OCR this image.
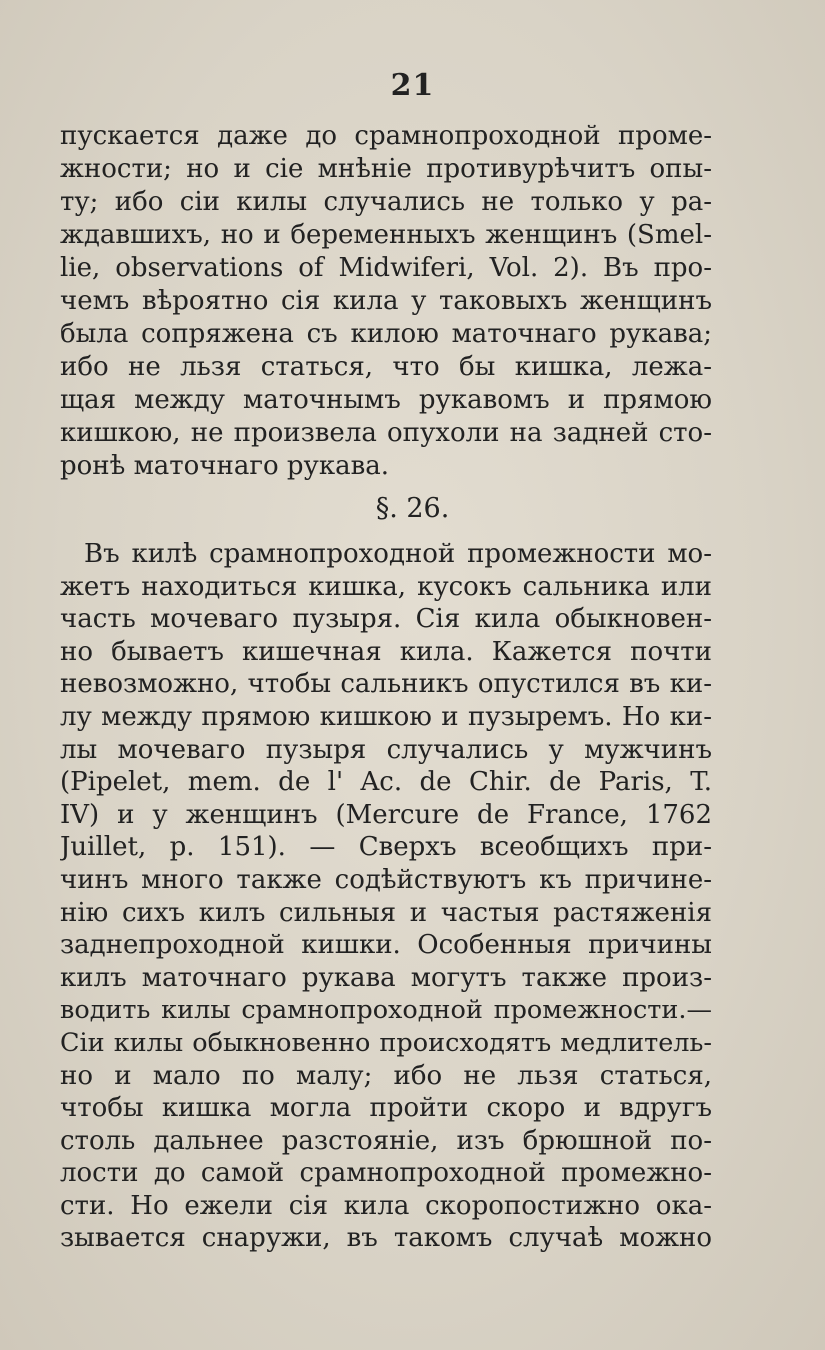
21
пускается даже до срамнопроходной проме-
жности; но и сіе мнѣніе противурѣчитъ опы-
ту; ибо сіи килы случались не только у ра-
ждавшихъ, но и беременныхъ женщинъ (Smel-
lie, observations of Midwiferi, Vol. 2). Въ про-
чемъ вѣроятно сія кила у таковыхъ женщинъ
была сопряжена съ килою маточнаго рукава;
ибо не льзя статься, что бы кишка, лежа-
щая между маточнымъ рукавомъ и прямою
кишкою, не произвела опухоли на задней сто-
ронѣ маточнаго рукава.
§. 26.
Въ килѣ срамнопроходной промежности мо-
жетъ находиться кишка, кусокъ сальника или
часть мочеваго пузыря. Сія кила обыкновен-
но бываетъ кишечная кила. Кажется почти
невозможно, чтобы сальникъ опустился въ ки-
лу между прямою кишкою и пузыремъ. Но ки-
лы мочеваго пузыря случались у мужчинъ
(Pipelet, mem. de l' Ac. de Chir. de Paris, T.
IV) и у женщинъ (Mercure de France, 1762
Juillet, p. 151). — Сверхъ всеобщихъ при-
чинъ много также содѣйствуютъ къ причине-
нію сихъ килъ сильныя и частыя растяженія
заднепроходной кишки. Особенныя причины
килъ маточнаго рукава могутъ также произ-
водить килы срамнопроходной промежности.—
Сіи килы обыкновенно происходятъ медлитель-
но и мало по малу; ибо не льзя статься,
чтобы кишка могла пройти скоро и вдругъ
столь дальнее разстояніе, изъ брюшной по-
лости до самой срамнопроходной промежно-
сти. Но ежели сія кила скоропостижно ока-
зывается снаружи, въ такомъ случаѣ можно
